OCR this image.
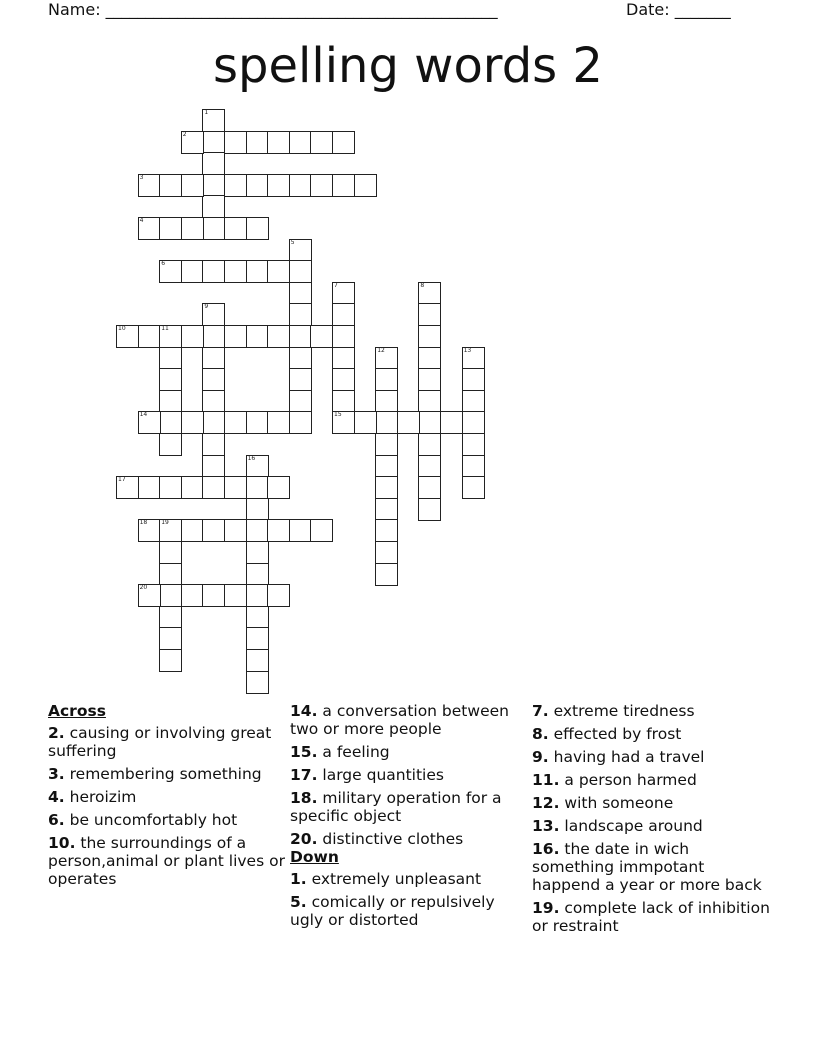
Name: _________________________________________________	Date: _______
spelling words 2
1
2
3
4
5
6
7	8
9
10	11
12	13
14	15
16
17
18 19
20
Across
2. causing or involving great suffering
3. remembering something
4. heroizim
6. be uncomfortably hot
10. the surroundings of a person,animal or plant lives or operates
14. a conversation between two or more people
15. a feeling
17. large quantities
18. military operation for a specific object
20. distinctive clothes
Down
1. extremely unpleasant
5. comically or repulsively ugly or distorted
7. extreme tiredness
8. effected by frost
9. having had a travel
11. a person harmed
12. with someone
13. landscape around
16. the date in wich something immpotant happend a year or more back
19. complete lack of inhibition or restraint
